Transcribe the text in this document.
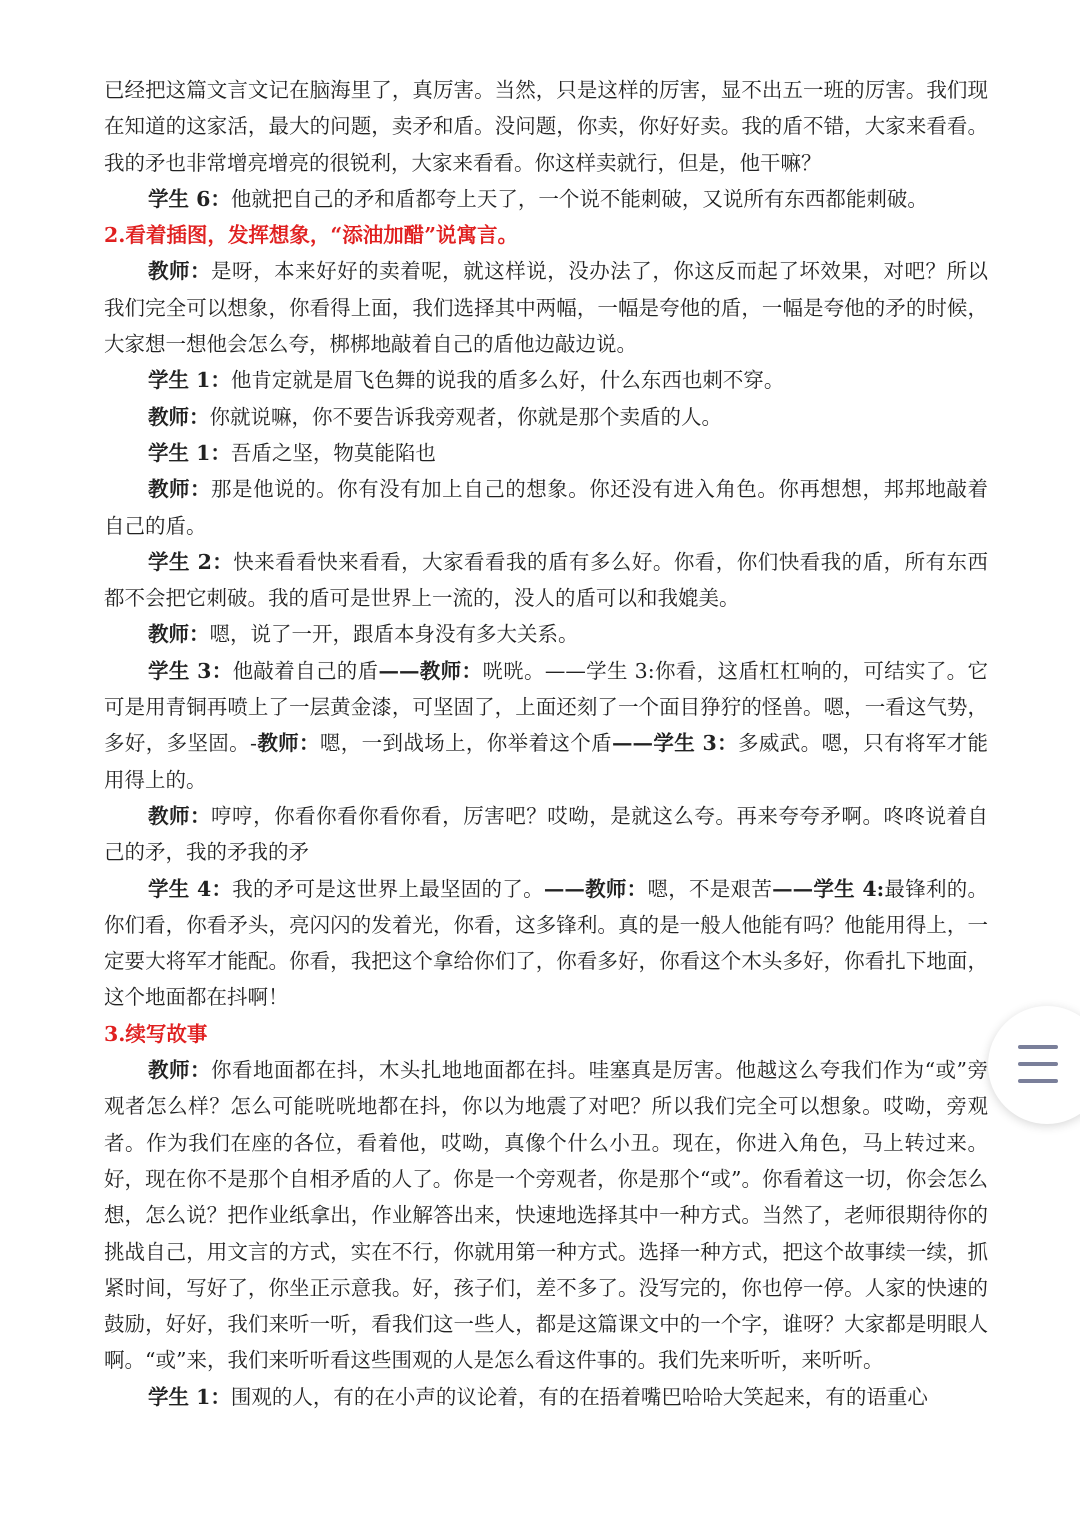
已经把这篇文言文记在脑海里了，真厉害。当然，只是这样的厉害，显不出五一班的厉害。我们现在知道的这家活，最大的问题，卖矛和盾。没问题，你卖，你好好卖。我的盾不错，大家来看看。我的矛也非常增亮增亮的很锐利，大家来看看。你这样卖就行，但是，他干嘛？

学生 6：他就把自己的矛和盾都夸上天了，一个说不能刺破，又说所有东西都能刺破。

2.看着插图，发挥想象，“添油加醋”说寓言。

教师：是呀，本来好好的卖着呢，就这样说，没办法了，你这反而起了坏效果，对吧？所以我们完全可以想象，你看得上面，我们选择其中两幅，一幅是夸他的盾，一幅是夸他的矛的时候，大家想一想他会怎么夸，梆梆地敲着自己的盾他边敲边说。

学生 1：他肯定就是眉飞色舞的说我的盾多么好，什么东西也刺不穿。

教师：你就说嘛，你不要告诉我旁观者，你就是那个卖盾的人。

学生 1：吾盾之坚，物莫能陷也

教师：那是他说的。你有没有加上自己的想象。你还没有进入角色。你再想想，邦邦地敲着自己的盾。

学生 2：快来看看快来看看，大家看看我的盾有多么好。你看，你们快看我的盾，所有东西都不会把它刺破。我的盾可是世界上一流的，没人的盾可以和我媲美。

教师：嗯，说了一开，跟盾本身没有多大关系。

学生 3：他敲着自己的盾——教师：咣咣。——学生 3:你看，这盾杠杠响的，可结实了。它可是用青铜再喷上了一层黄金漆，可坚固了，上面还刻了一个面目狰狞的怪兽。嗯，一看这气势，多好，多坚固。-教师：嗯，一到战场上，你举着这个盾——学生 3：多威武。嗯，只有将军才能用得上的。

教师：哼哼，你看你看你看你看，厉害吧？哎呦，是就这么夸。再来夸夸矛啊。咚咚说着自己的矛，我的矛我的矛

学生 4：我的矛可是这世界上最坚固的了。——教师：嗯，不是艰苦——学生 4:最锋利的。你们看，你看矛头，亮闪闪的发着光，你看，这多锋利。真的是一般人他能有吗？他能用得上，一定要大将军才能配。你看，我把这个拿给你们了，你看多好，你看这个木头多好，你看扎下地面，这个地面都在抖啊！

3.续写故事

教师：你看地面都在抖，木头扎地地面都在抖。哇塞真是厉害。他越这么夸我们作为“或”旁观者怎么样？怎么可能咣咣地都在抖，你以为地震了对吧？所以我们完全可以想象。哎呦，旁观者。作为我们在座的各位，看着他，哎呦，真像个什么小丑。现在，你进入角色，马上转过来。好，现在你不是那个自相矛盾的人了。你是一个旁观者，你是那个“或”。你看着这一切，你会怎么想，怎么说？把作业纸拿出，作业解答出来，快速地选择其中一种方式。当然了，老师很期待你的挑战自己，用文言的方式，实在不行，你就用第一种方式。选择一种方式，把这个故事续一续，抓紧时间，写好了，你坐正示意我。好，孩子们，差不多了。没写完的，你也停一停。人家的快速的鼓励，好好，我们来听一听，看我们这一些人，都是这篇课文中的一个字，谁呀？大家都是明眼人啊。“或”来，我们来听听看这些围观的人是怎么看这件事的。我们先来听听，来听听。

学生 1：围观的人，有的在小声的议论着，有的在捂着嘴巴哈哈大笑起来，有的语重心
